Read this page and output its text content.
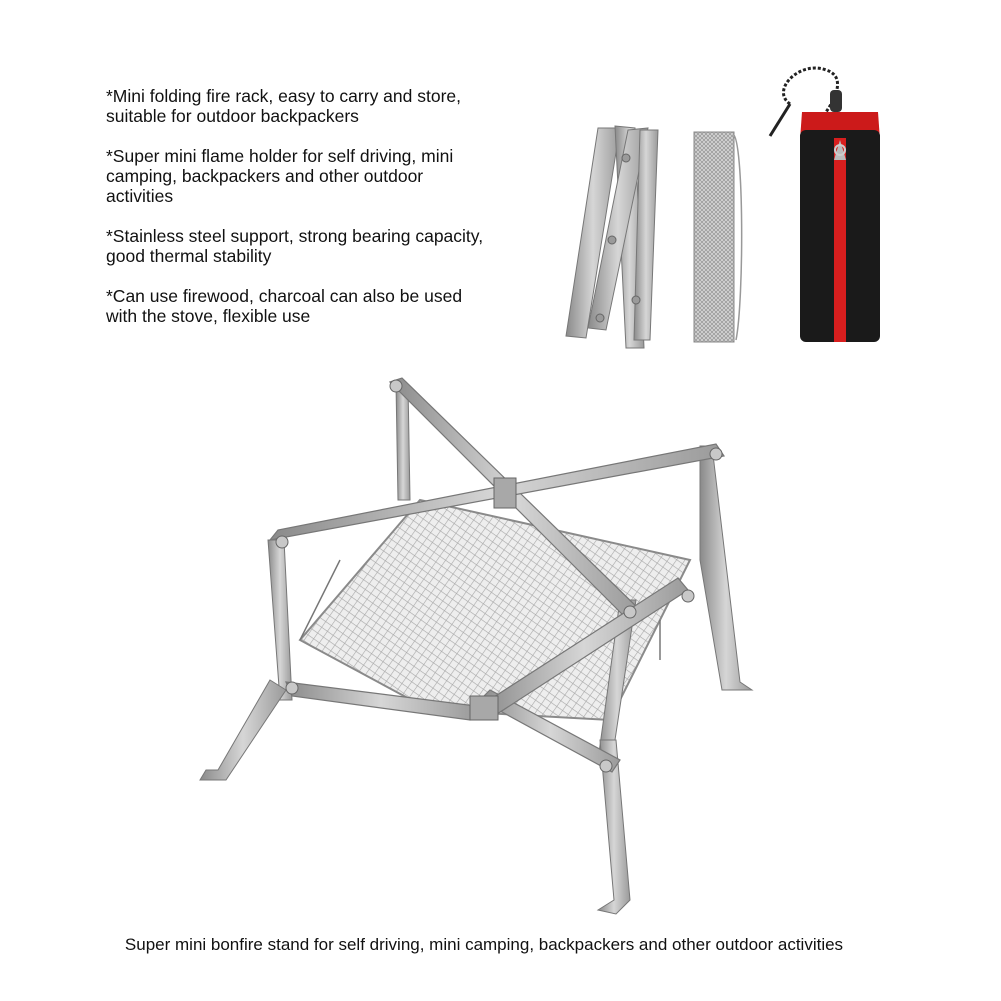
*Mini folding fire rack, easy to carry and store, suitable for outdoor backpackers
*Super mini flame holder for self driving, mini camping, backpackers and other outdoor activities
*Stainless steel support, strong bearing capacity, good thermal stability
*Can use firewood, charcoal can also be used with the stove, flexible use
Super mini bonfire stand for self driving, mini camping, backpackers and other outdoor activities
